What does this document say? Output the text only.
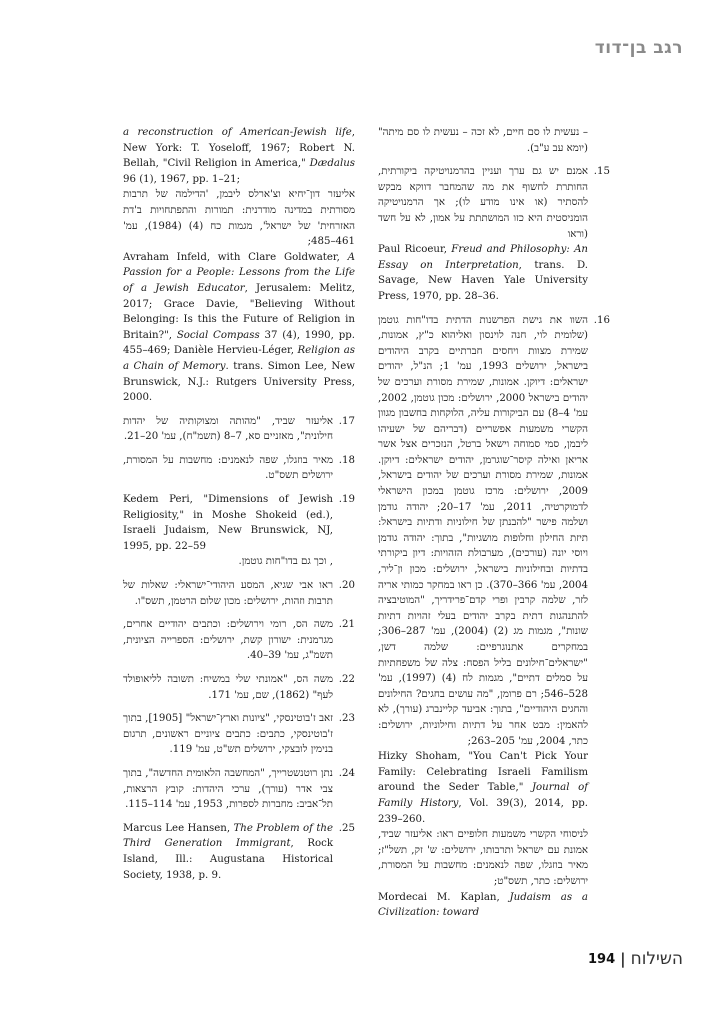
רגב בן־דוד
– נעשית לו סם חיים, לא זכה – נעשית לו סם מיתה" (יומא עב ע"ב).
15.
אמנם יש גם ערך ועניין בהרמנויטיקה ביקורתית, החותרת לחשוף את מה שהמחבר דווקא מבקש להסתיר (או אינו מודע לו); אך הרמנויטיקה הומניסטית היא כזו המושתתת על אמון, לא על חשד (וראו
Paul Ricoeur, Freud and Philosophy: An Essay on Interpretation, trans. D. Savage, New Haven Yale University Press, 1970, pp. 28–36.
16.
השוו את גישת הפרשנות הדתית בדו"חות גוטמן (שלומית לוי, חנה לוינסון ואליהוא כ"ץ, אמונות, שמירת מצוות ויחסים חברתיים בקרב היהודים בישראל, ירושלים 1993, עמ' 1; הנ"ל, יהודים ישראלים: דיוקן. אמונות, שמירת מסורת וערכים של יהודים בישראל 2000, ירושלים: מכון גוטמן, 2002, עמ' 4–8) עם הביקורות עליה, הלוקחות בחשבון מגוון הקשרי משמעות אפשריים (דבריהם של ישעיהו ליבמן, סמי סמוחה וישאל ברטל, הנזכרים אצל אשר אריאן ואילה קיסר־שוגרמן, יהודים ישראלים: דיוקן. אמונות, שמירת מסורת וערכים של יהודים בישראל, 2009, ירושלים: מרכז גוטמן במכון הישראלי לדמוקרטיה, 2011, עמ' 17–20; יהודה גודמן ושלמה פישר "להבנתן של חילוניות ודתיות בישראל: תיזת החילון וחלופות מושגיות", בתוך: יהודה גודמן ויוסי יונה (עורכים), מערבולת הזהויות: דיון ביקורתי בדתיות ובחילוניות בישראל, ירושלים: מכון ון־ליר, 2004, עמ' 366–370). כן ראו במחקר כמותי אריה לזר, שלמה קרבין ופרי קדם־פרידריך, "המוטיבציה להתנהגות דתית בקרב יהודים בעלי זהויות דתיות שונות", מגמות מג (2) (2004), עמ' 287–306; במחקרים אתנוגרפיים: שלמה דשן, "ישראלים־חילונים בליל הפסח: צלה של משפחתיות על סמלים דתיים", מגמות לח (4) (1997), עמ' 528–546; רם פרומן, "מה עושים בחגים? החילונים והחגים היהודיים", בתוך: אביעד קליינברג (עורך), לא להאמין: מבט אחר על דתיות וחילוניות, ירושלים: כתר, 2004, עמ' 205–263;
Hizky Shoham, "You Can't Pick Your Family: Celebrating Israeli Familism around the Seder Table," Journal of Family History, Vol. 39(3), 2014, pp. 239–260.
לניסוחי הקשרי משמעות חלופיים ראו: אליעזר שביד, אמונת עם ישראל ותרבותו, ירושלים: ש' זק, תשל"ז; מאיר בוזגלו, שפה לנאמנים: מחשבות על המסורת, ירושלים: כתר, תשס"ט;
Mordecai M. Kaplan, Judaism as a Civilization: toward
a reconstruction of American-Jewish life, New York: T. Yoseloff, 1967; Robert N. Bellah, "Civil Religion in America," Dædalus 96 (1), 1967, pp. 1–21;
אליעזר דון־יחיא וצ'ארלס ליבמן, 'הדילמה של תרבות מסורתית במדינה מודרנית: תמורות והתפתחויות ב'דת האזרחית' של ישראל', מגמות כח (4) (1984), עמ' 461–485;
Avraham Infeld, with Clare Goldwater, A Passion for a People: Lessons from the Life of a Jewish Educator, Jerusalem: Melitz, 2017; Grace Davie, "Believing Without Belonging: Is this the Future of Religion in Britain?", Social Compass 37 (4), 1990, pp. 455–469; Danièle Hervieu-Léger, Religion as a Chain of Memory. trans. Simon Lee, New Brunswick, N.J.: Rutgers University Press, 2000.
17.
אליעזר שביד, "מהותה ומצוקותיה של יהדות חילונית", מאזניים סא, 7–8 (תשמ"ח), עמ' 20–21.
18.
מאיר בוזגלו, שפה לנאמנים: מחשבות על המסורת, ירושלים תשס"ט.
19.
Kedem Peri, "Dimensions of Jewish Religiosity," in Moshe Shokeid (ed.), Israeli Judaism, New Brunswick, NJ, 1995, pp. 22–59
, וכך גם בדו"חות גוטמן.
20.
ראו אבי שגיא, המסע היהודי־ישראלי: שאלות של תרבות וזהות, ירושלים: מכון שלום הרטמן, תשס"ו.
21.
משה הס, רומי וירושלים: וכתבים יהודיים אחרים, מגרמנית: ישורון קשת, ירושלים: הספרייה הציונית, תשמ"ג, עמ' 39–40.
22.
משה הס, "אמונתי שלי במשיח: תשובה לליאופולד לעף" (1862), שם, עמ' 171.
23.
זאב ז'בוטינסקי, "ציונות וארץ־ישראל" [1905], בתוך ז'בוטינסקי, כתבים: כתבים ציוניים ראשונים, תרגום בנימין לובצקי, ירושלים תש"ט, עמ' 119.
24.
נתן רוטנשטרייך, "המחשבה הלאומית החדשה", בתוך צבי אדר (עורך), ערכי היהדות: קובץ הרצאות, תל־אביב: מחברות לספרות, 1953, עמ' 114–115.
25.
Marcus Lee Hansen, The Problem of the Third Generation Immigrant, Rock Island, Ill.: Augustana Historical Society, 1938, p. 9.
השילוח
|
194
